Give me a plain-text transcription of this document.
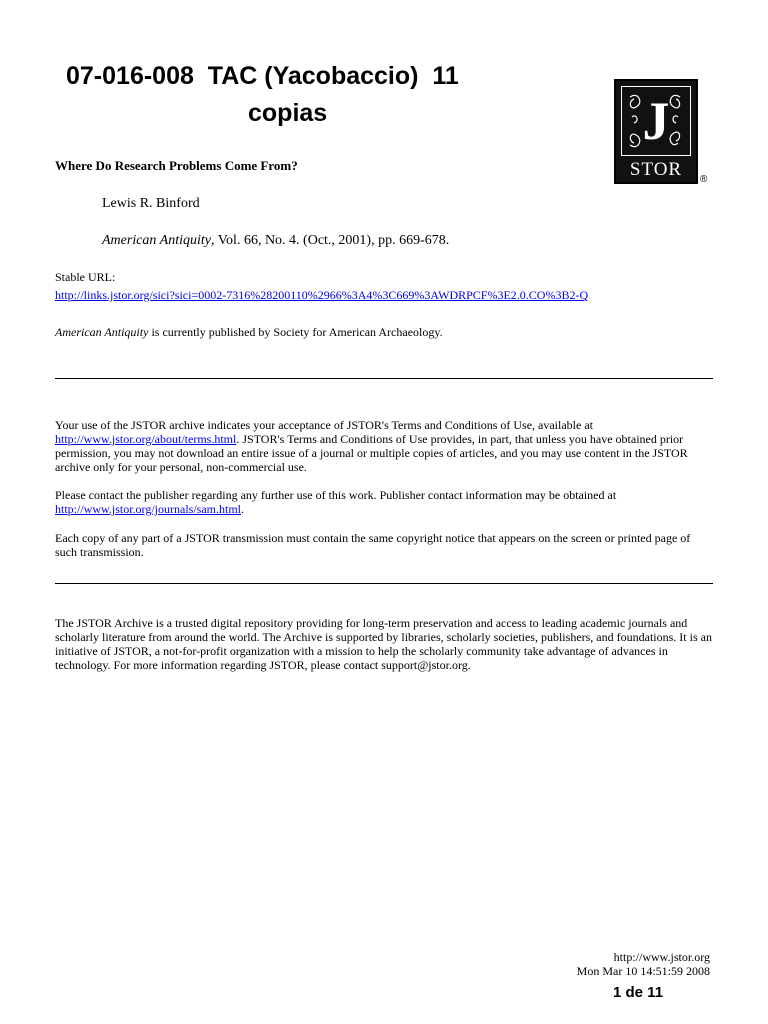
07-016-008  TAC (Yacobaccio)  11
copias	J
STOR	®
Where Do Research Problems Come From?
Lewis R. Binford
American Antiquity, Vol. 66, No. 4. (Oct., 2001), pp. 669-678.
Stable URL:
http://links.jstor.org/sici?sici=0002-7316%28200110%2966%3A4%3C669%3AWDRPCF%3E2.0.CO%3B2-Q
American Antiquity is currently published by Society for American Archaeology.
Your use of the JSTOR archive indicates your acceptance of JSTOR's Terms and Conditions of Use, available at http://www.jstor.org/about/terms.html. JSTOR's Terms and Conditions of Use provides, in part, that unless you have obtained prior permission, you may not download an entire issue of a journal or multiple copies of articles, and you may use content in the JSTOR archive only for your personal, non-commercial use.
Please contact the publisher regarding any further use of this work. Publisher contact information may be obtained at http://www.jstor.org/journals/sam.html.
Each copy of any part of a JSTOR transmission must contain the same copyright notice that appears on the screen or printed page of such transmission.
The JSTOR Archive is a trusted digital repository providing for long-term preservation and access to leading academic journals and scholarly literature from around the world. The Archive is supported by libraries, scholarly societies, publishers, and foundations. It is an initiative of JSTOR, a not-for-profit organization with a mission to help the scholarly community take advantage of advances in technology. For more information regarding JSTOR, please contact support@jstor.org.
http://www.jstor.org
Mon Mar 10 14:51:59 2008
1 de 11
